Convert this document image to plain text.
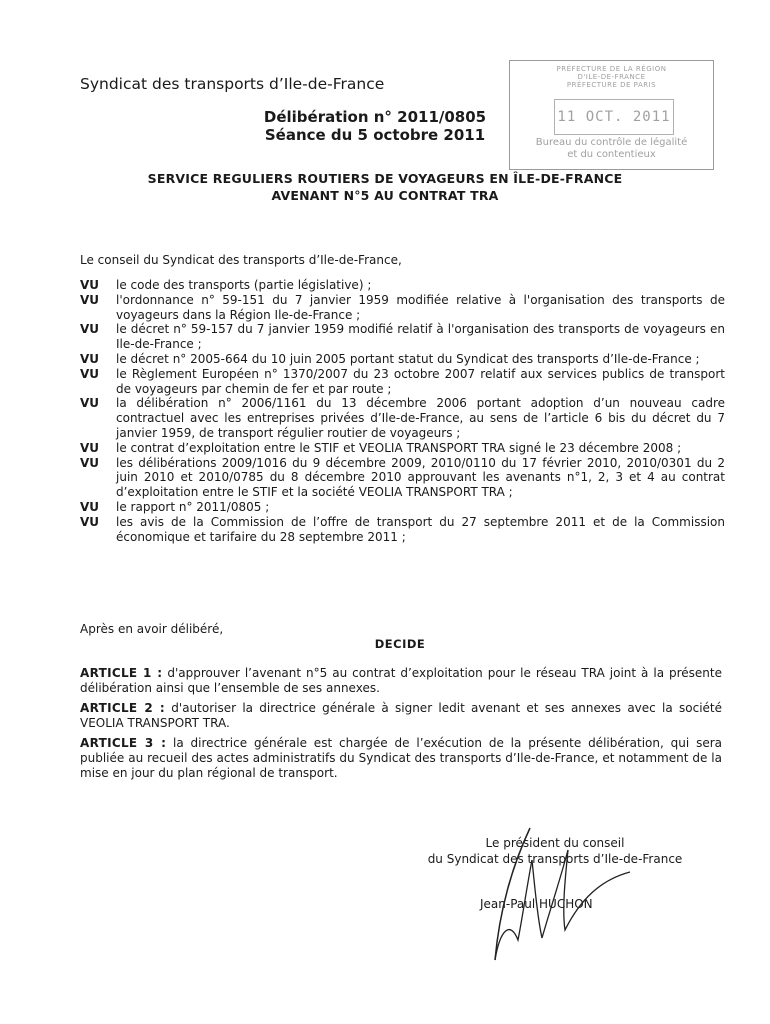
Syndicat des transports d’Ile-de-France
Délibération n° 2011/0805
Séance du 5 octobre 2011
PRÉFECTURE DE LA RÉGION
D'ILE-DE-FRANCE
PRÉFECTURE DE PARIS
11 OCT. 2011
Bureau du contrôle de légalité
et du contentieux
SERVICE REGULIERS ROUTIERS DE VOYAGEURS EN ÎLE-DE-FRANCE
AVENANT N°5 AU CONTRAT TRA
Le conseil du Syndicat des transports d’Ile-de-France,
VU	le code des transports (partie législative) ;
VU	l'ordonnance n° 59-151 du 7 janvier 1959 modifiée relative à l'organisation des transports de voyageurs dans la Région Ile-de-France ;
VU	le décret n° 59-157 du 7 janvier 1959 modifié relatif à l'organisation des transports de voyageurs en Ile-de-France ;
VU	le décret n° 2005-664 du 10 juin 2005 portant statut du Syndicat des transports d’Ile-de-France ;
VU	le Règlement Européen n° 1370/2007 du 23 octobre 2007 relatif aux services publics de transport de voyageurs par chemin de fer et par route ;
VU	la délibération n° 2006/1161 du 13 décembre 2006 portant adoption d’un nouveau cadre contractuel avec les entreprises privées d’Ile-de-France, au sens de l’article 6 bis du décret du 7 janvier 1959, de transport régulier routier de voyageurs ;
VU	le contrat d’exploitation entre le STIF et VEOLIA TRANSPORT TRA signé le 23 décembre 2008 ;
VU	les délibérations 2009/1016 du 9 décembre 2009, 2010/0110 du 17 février 2010, 2010/0301 du 2 juin 2010 et 2010/0785 du 8 décembre 2010 approuvant les avenants n°1, 2, 3 et 4 au contrat d’exploitation entre le STIF et la société VEOLIA TRANSPORT TRA ;
VU	le rapport n° 2011/0805 ;
VU	les avis de la Commission de l’offre de transport du 27 septembre 2011 et de la Commission économique et tarifaire du 28 septembre 2011 ;
Après en avoir délibéré,
DECIDE
ARTICLE 1 : d'approuver l’avenant n°5 au contrat d’exploitation pour le réseau TRA joint à la présente délibération ainsi que l’ensemble de ses annexes.
ARTICLE 2 : d'autoriser la directrice générale à signer ledit avenant et ses annexes avec la société VEOLIA TRANSPORT TRA.
ARTICLE 3 : la directrice générale est chargée de l’exécution de la présente délibération, qui sera publiée au recueil des actes administratifs du Syndicat des transports d’Ile-de-France, et notamment de la mise en jour du plan régional de transport.
Le président du conseil
du Syndicat des transports d’Ile-de-France
Jean-Paul HUCHON
